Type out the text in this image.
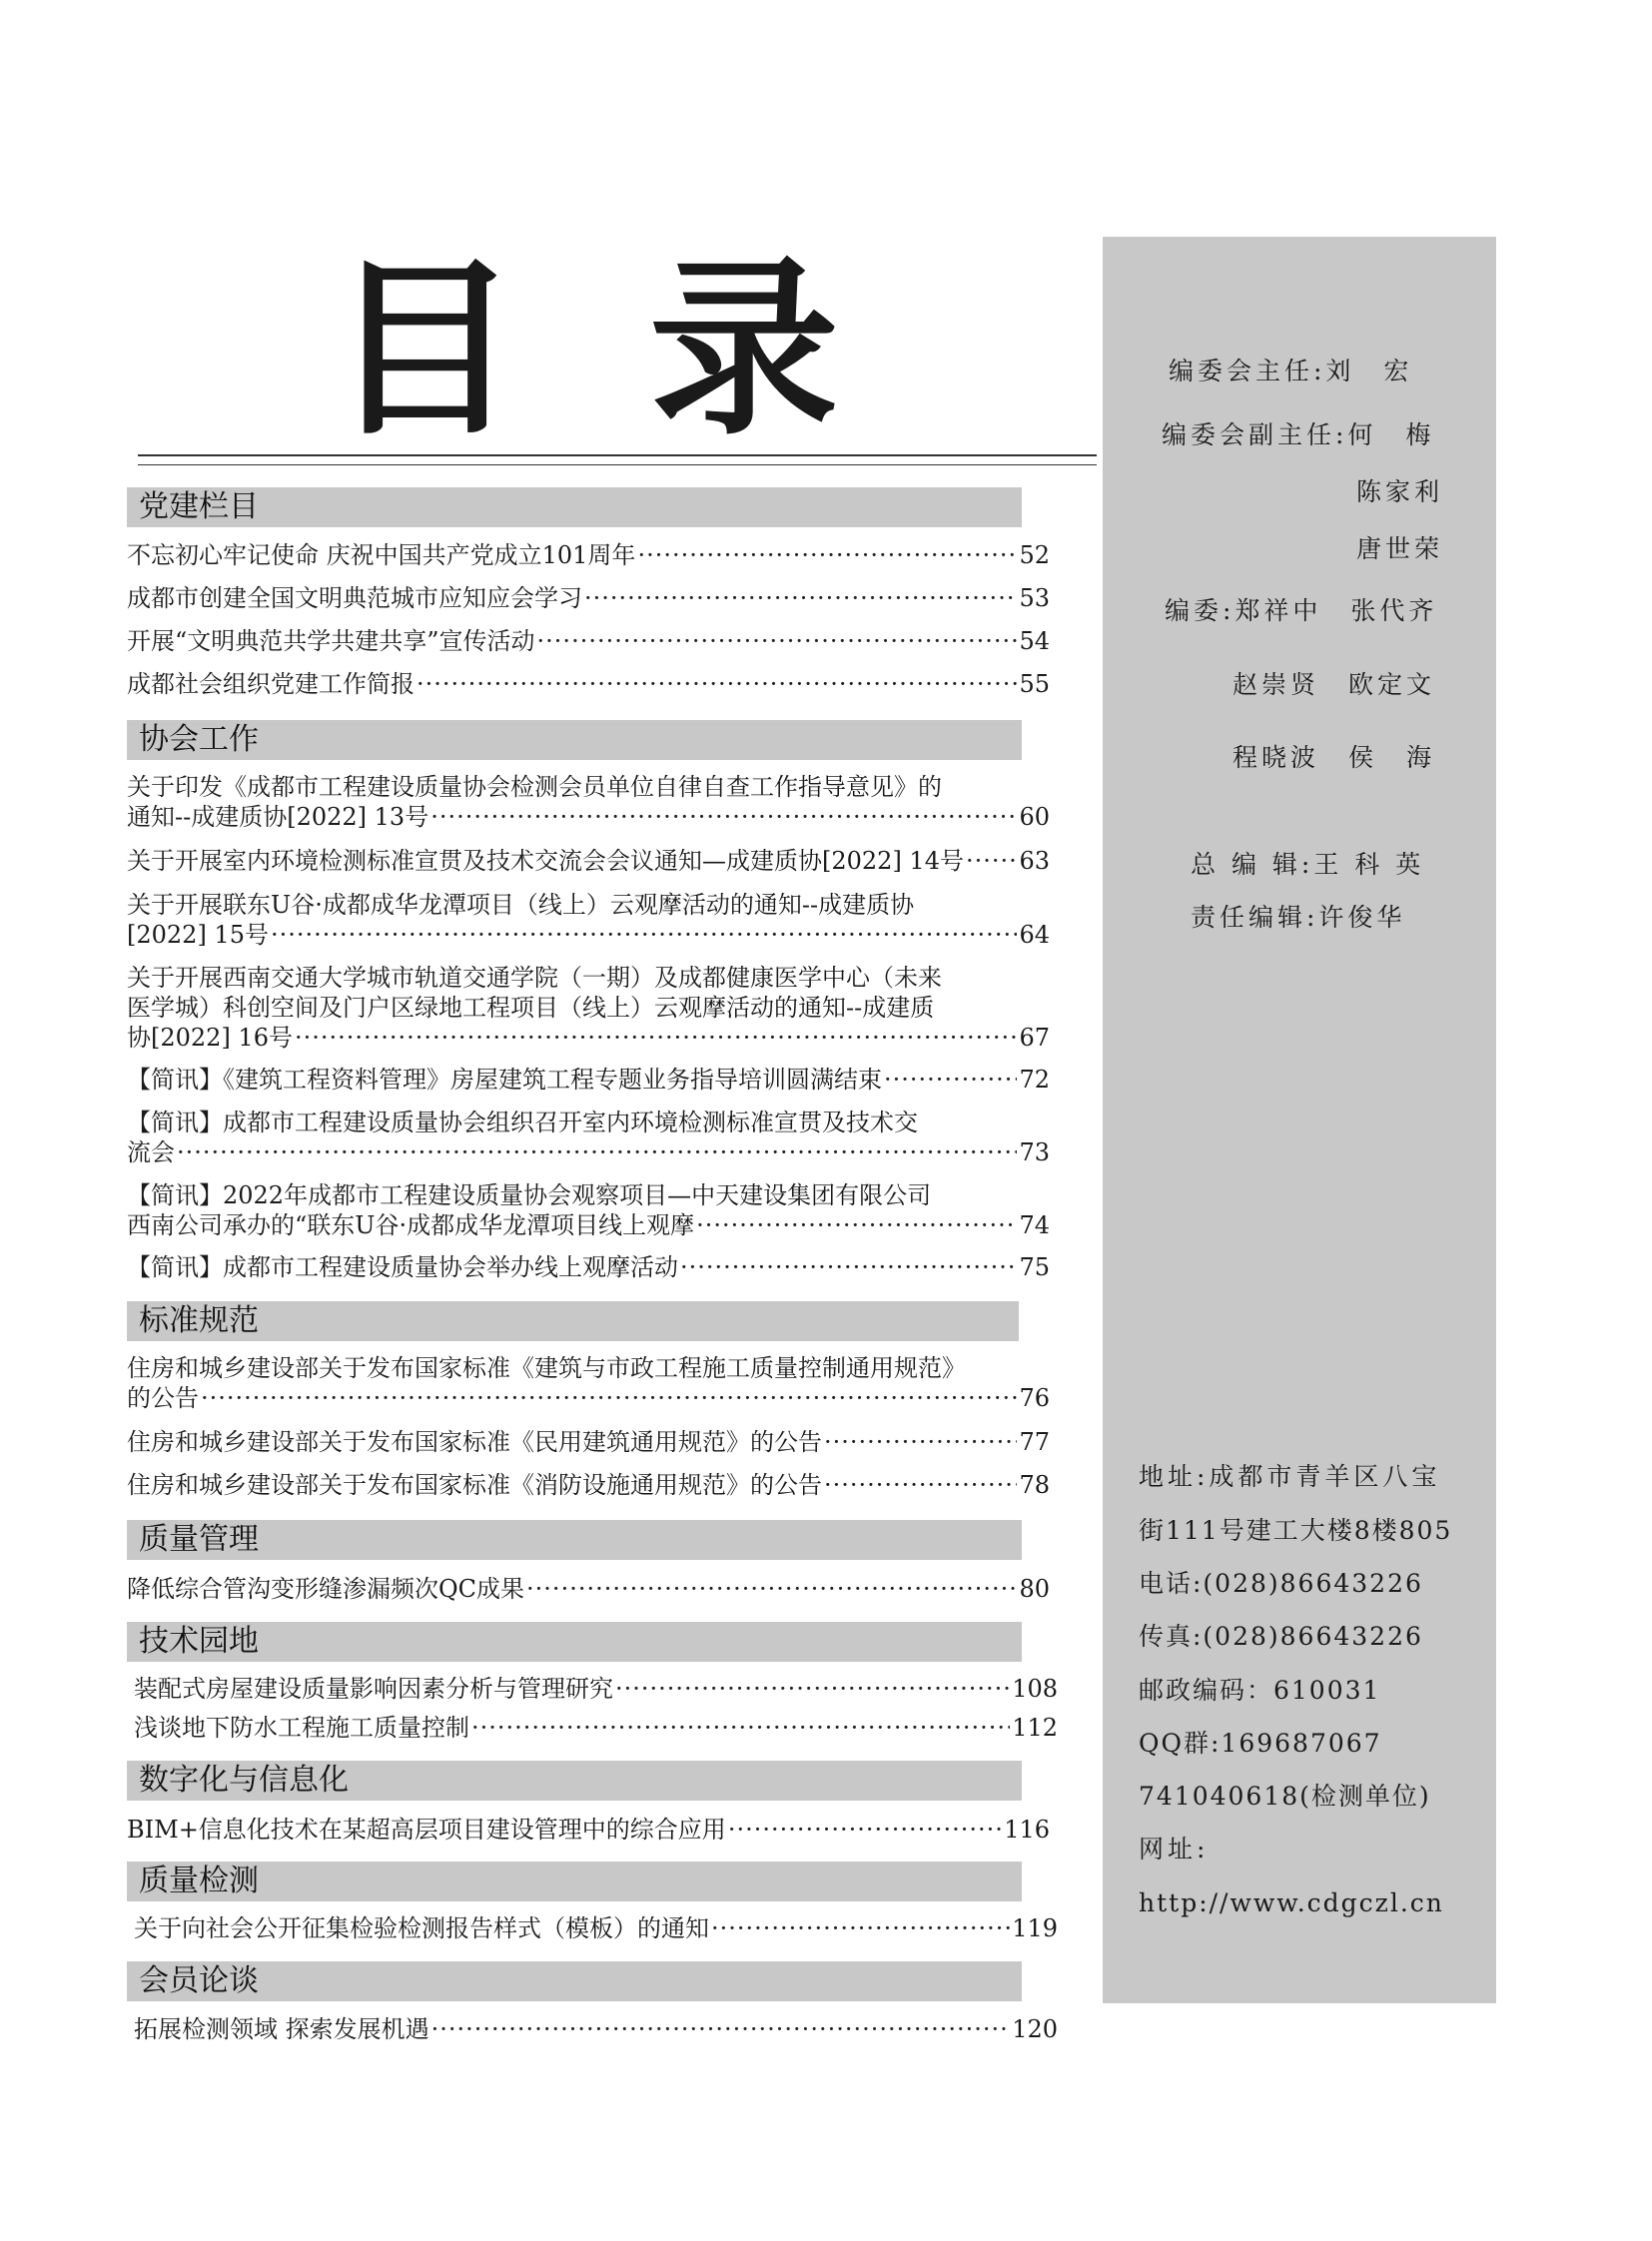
目 录	编委会主任:刘　宏
编委会副主任:何　梅
陈家利
唐世荣
编委:郑祥中　张代齐
赵崇贤　欧定文
程晓波　侯　海
总 编 辑:王 科 英
责任编辑:许俊华
地址:成都市青羊区八宝
街111号建工大楼8楼805
电话:(028)86643226
传真:(028)86643226
邮政编码：610031
QQ群:169687067
741040618(检测单位)
网址:
http://www.cdgczl.cn
党建栏目
不忘初心牢记使命 庆祝中国共产党成立101周年 ·····	52
成都市创建全国文明典范城市应知应会学习 ·····	53
开展“文明典范共学共建共享”宣传活动 ·····	54
成都社会组织党建工作简报 ·····	55
协会工作
关于印发《成都市工程建设质量协会检测会员单位自律自查工作指导意见》的
通知--成建质协[2022] 13号 ·····	60
关于开展室内环境检测标准宣贯及技术交流会会议通知—成建质协[2022] 14号 ····· 63
关于开展联东U谷·成都成华龙潭项目（线上）云观摩活动的通知--成建质协
[2022] 15号 ·····	64
关于开展西南交通大学城市轨道交通学院（一期）及成都健康医学中心（未来
医学城）科创空间及门户区绿地工程项目（线上）云观摩活动的通知--成建质
协[2022] 16号 ·····	67
【简讯】《建筑工程资料管理》房屋建筑工程专题业务指导培训圆满结束 ·····	72
【简讯】成都市工程建设质量协会组织召开室内环境检测标准宣贯及技术交
流会 ·····	73
【简讯】2022年成都市工程建设质量协会观察项目—中天建设集团有限公司
西南公司承办的“联东U谷·成都成华龙潭项目线上观摩 ·····	74
【简讯】成都市工程建设质量协会举办线上观摩活动 ·····	75
标准规范
住房和城乡建设部关于发布国家标准《建筑与市政工程施工质量控制通用规范》
的公告 ·····	76
住房和城乡建设部关于发布国家标准《民用建筑通用规范》的公告 ·····	77
住房和城乡建设部关于发布国家标准《消防设施通用规范》的公告 ·····	78
质量管理
降低综合管沟变形缝渗漏频次QC成果 ·····	80
技术园地
装配式房屋建设质量影响因素分析与管理研究 ·····	108
浅谈地下防水工程施工质量控制 ·····	112
数字化与信息化
BIM+信息化技术在某超高层项目建设管理中的综合应用 ·····	116
质量检测
关于向社会公开征集检验检测报告样式（模板）的通知 ·····	119
会员论谈
拓展检测领域 探索发展机遇 ·····	120
